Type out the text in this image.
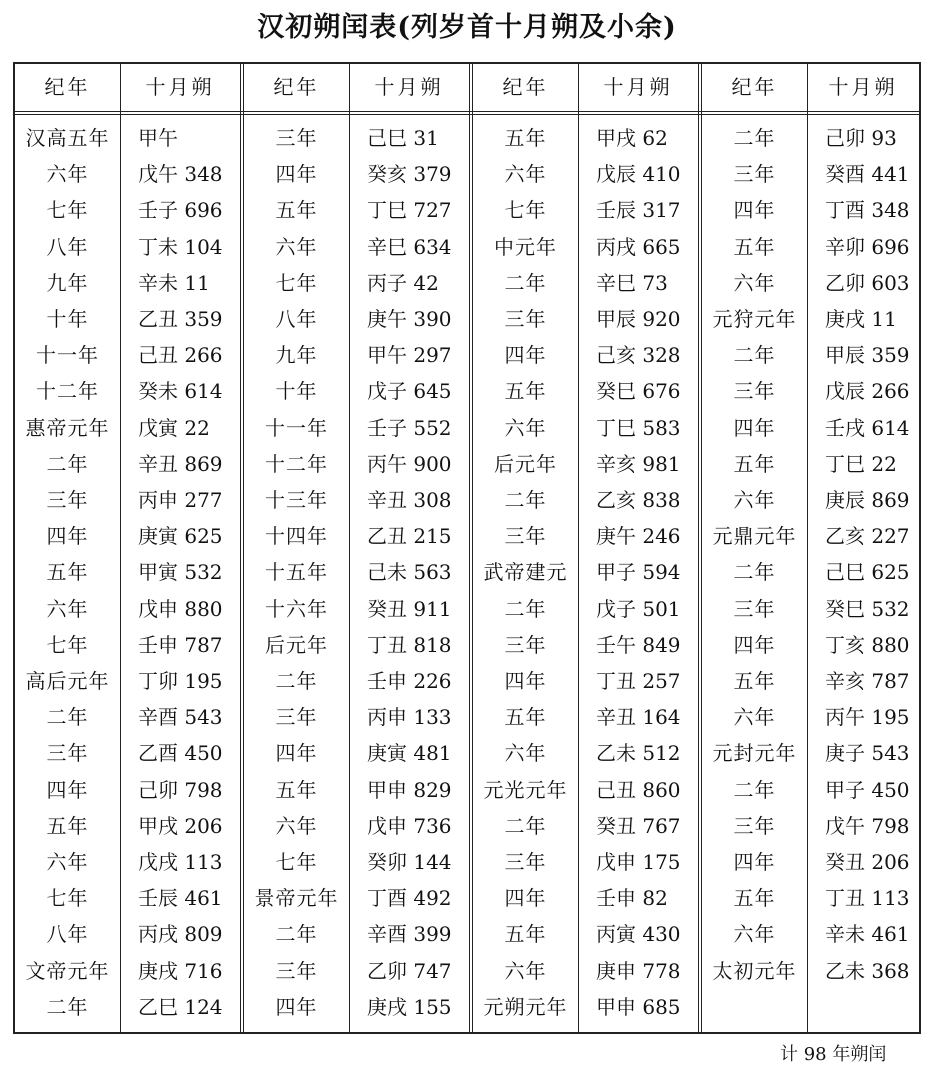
汉初朔闰表(列岁首十月朔及小余)
纪年	十月朔
汉高五年	甲午
六年	戊午 348
七年	壬子 696
八年	丁未 104
九年	辛未 11
十年	乙丑 359
十一年	己丑 266
十二年	癸未 614
惠帝元年	戊寅 22
二年	辛丑 869
三年	丙申 277
四年	庚寅 625
五年	甲寅 532
六年	戊申 880
七年	壬申 787
高后元年	丁卯 195
二年	辛酉 543
三年	乙酉 450
四年	己卯 798
五年	甲戌 206
六年	戊戌 113
七年	壬辰 461
八年	丙戌 809
文帝元年	庚戌 716
二年	乙巳 124
纪年	十月朔
三年	己巳 31
四年	癸亥 379
五年	丁巳 727
六年	辛巳 634
七年	丙子 42
八年	庚午 390
九年	甲午 297
十年	戊子 645
十一年	壬子 552
十二年	丙午 900
十三年	辛丑 308
十四年	乙丑 215
十五年	己未 563
十六年	癸丑 911
后元年	丁丑 818
二年	壬申 226
三年	丙申 133
四年	庚寅 481
五年	甲申 829
六年	戊申 736
七年	癸卯 144
景帝元年	丁酉 492
二年	辛酉 399
三年	乙卯 747
四年	庚戌 155
纪年	十月朔
五年	甲戌 62
六年	戊辰 410
七年	壬辰 317
中元年	丙戌 665
二年	辛巳 73
三年	甲辰 920
四年	己亥 328
五年	癸巳 676
六年	丁巳 583
后元年	辛亥 981
二年	乙亥 838
三年	庚午 246
武帝建元	甲子 594
二年	戊子 501
三年	壬午 849
四年	丁丑 257
五年	辛丑 164
六年	乙未 512
元光元年	己丑 860
二年	癸丑 767
三年	戊申 175
四年	壬申 82
五年	丙寅 430
六年	庚申 778
元朔元年	甲申 685
纪年	十月朔
二年	己卯 93
三年	癸酉 441
四年	丁酉 348
五年	辛卯 696
六年	乙卯 603
元狩元年	庚戌 11
二年	甲辰 359
三年	戊辰 266
四年	壬戌 614
五年	丁巳 22
六年	庚辰 869
元鼎元年	乙亥 227
二年	己巳 625
三年	癸巳 532
四年	丁亥 880
五年	辛亥 787
六年	丙午 195
元封元年	庚子 543
二年	甲子 450
三年	戊午 798
四年	癸丑 206
五年	丁丑 113
六年	辛未 461
太初元年	乙未 368
计 98 年朔闰
